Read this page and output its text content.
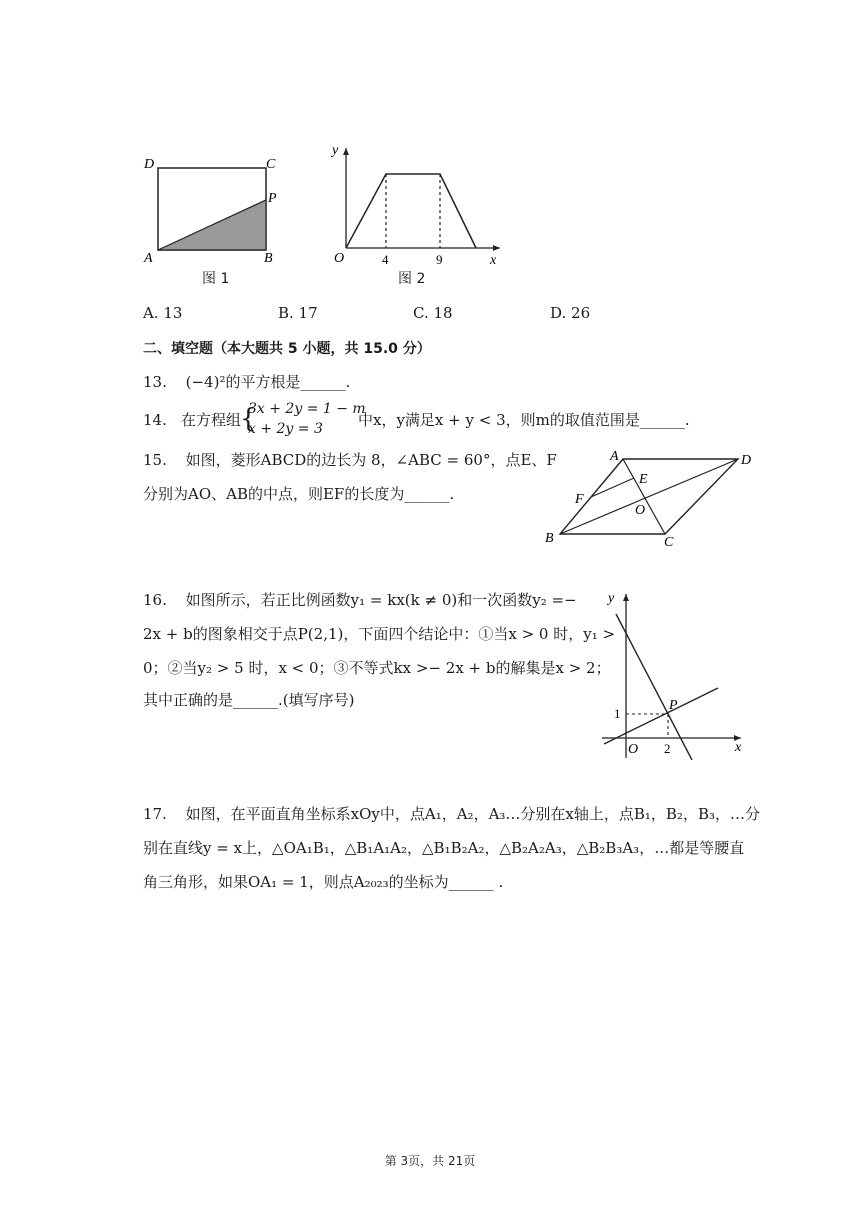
D	C
P
A	B
图 1
y
O	4	9	x
图 2
A. 13	B. 17	C. 18	D. 26
二、填空题（本大题共 5 小题，共 15.0 分）
13. (−4)²的平方根是______.
14. 在方程组
{
3x + 2y = 1 − m
x + 2y = 3 中x，y满足x + y < 3，则m的取值范围是______.
15. 如图，菱形ABCD的边长为 8，∠ABC = 60°，点E、F
分别为AO、AB的中点，则EF的长度为______.
A	D
B	C
E
F
O
16. 如图所示，若正比例函数y₁ = kx(k ≠ 0)和一次函数y₂ =−
2x + b的图象相交于点P(2,1)，下面四个结论中：①当x > 0 时，y₁ >
0；②当y₂ > 5 时，x < 0；③不等式kx >− 2x + b的解集是x > 2；
其中正确的是______.(填写序号)
y
1
P
O 2	x
17. 如图，在平面直角坐标系xOy中，点A₁，A₂，A₃…分别在x轴上，点B₁，B₂，B₃，…分
别在直线y = x上，△OA₁B₁，△B₁A₁A₂，△B₁B₂A₂，△B₂A₂A₃，△B₂B₃A₃，…都是等腰直
角三角形，如果OA₁ = 1，则点A₂₀₂₃的坐标为______ .
第 3页，共 21页
